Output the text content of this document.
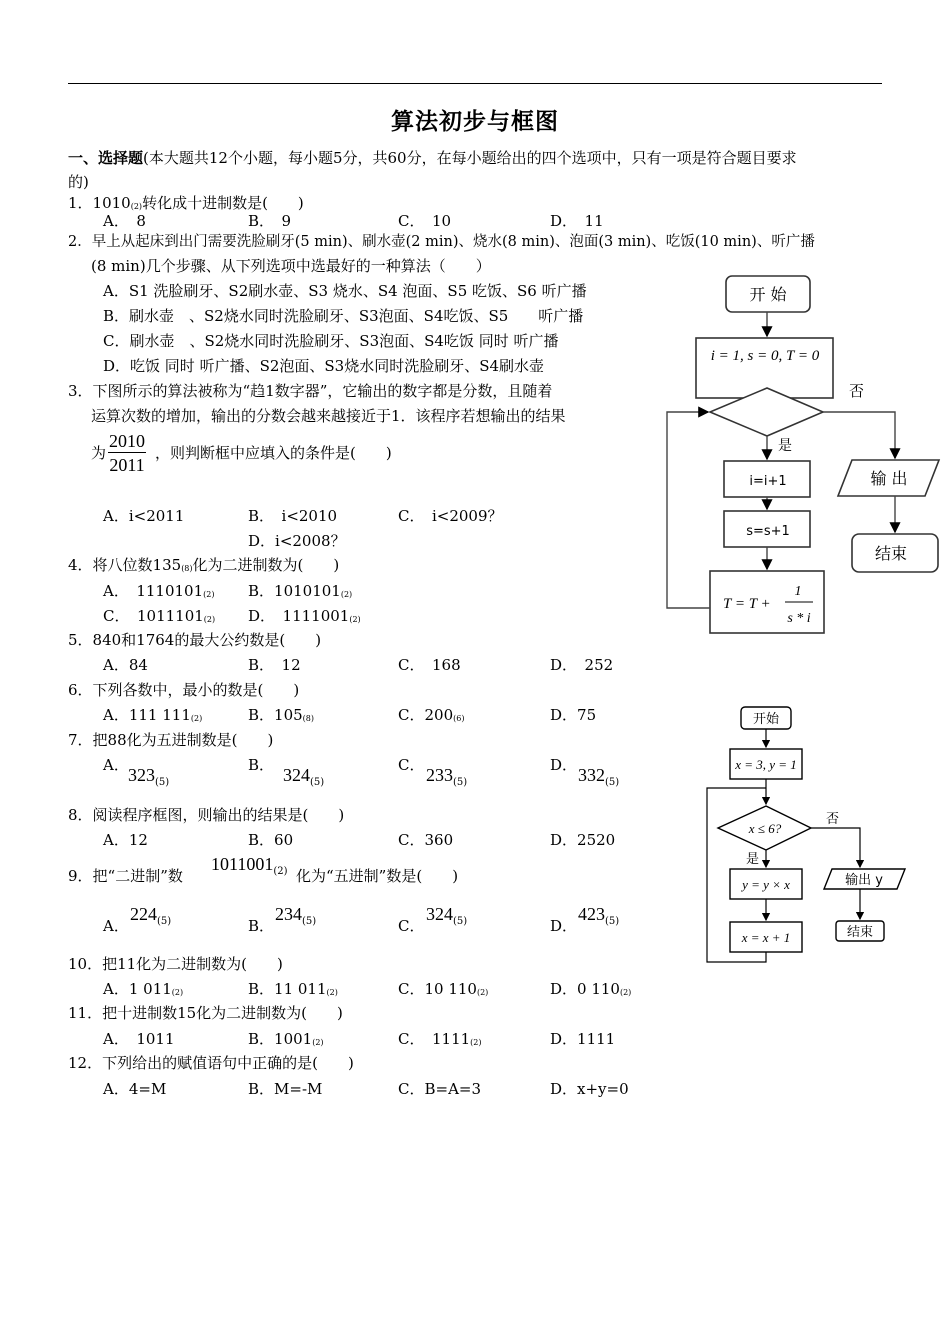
算法初步与框图
一、选择题(本大题共12个小题，每小题5分，共60分，在每小题给出的四个选项中，只有一项是符合题目要求
的)
1．1010(2)转化成十进制数是(　　)
A．　8	B．　9	C．　10	D．　11
2．早上从起床到出门需要洗脸刷牙(5 min)、刷水壶(2 min)、烧水(8 min)、泡面(3 min)、吃饭(10 min)、听广播
(8 min)几个步骤、从下列选项中选最好的一种算法（　　）
A．S1 洗脸刷牙、S2刷水壶、S3 烧水、S4 泡面、S5 吃饭、S6 听广播
B．刷水壶　、S2烧水同时洗脸刷牙、S3泡面、S4吃饭、S5　　听广播
C．刷水壶　、S2烧水同时洗脸刷牙、S3泡面、S4吃饭 同时 听广播
D．吃饭 同时 听广播、S2泡面、S3烧水同时洗脸刷牙、S4刷水壶
3．下图所示的算法被称为“趋1数字器”，它输出的数字都是分数，且随着
运算次数的增加，输出的分数会越来越接近于1．该程序若想输出的结果
为 $\frac{2010}{2011}$ ，则判断框中应填入的条件是(　　)
A．i<2011	B．　i<2010	C．　i<2009？
D．i<2008？
4．将八位数135(8)化为二进制数为(　　)
A．　1110101(2) B．1010101(2)
C．　1011101(2) D．　1111001(2)
5．840和1764的最大公约数是(　　)
A．84	B．　12	C．　168	D．　252
6．下列各数中，最小的数是(　　)
A．111 111(2)	B．105(8)	C．200(6)	D．75
7．把88化为五进制数是(　　)
A． $323_{(5)}$
B． $324_{(5)}$
C． $233_{(5)}$
D． $332_{(5)}$
8．阅读程序框图，则输出的结果是(　　)
A．12	B．60	C．360	D．2520
9．把“二进制”数
$1011001_{(2)}$ 化为“五进制”数是(　　)
A．
$224_{(5)}$	B．
$234_{(5)}$	C．
$324_{(5)}$	D．
$423_{(5)}$
10．把11化为二进制数为(　　)
A．1 011(2)	B．11 011(2)	C．10 110(2)	D．0 110(2)
11．把十进制数15化为二进制数为(　　)
A．　1011	B．1001(2)	C．　1111(2)	D．1111
12．下列给出的赋值语句中正确的是(　　)
A．4=M	B．M=-M	C．B=A=3	D．x+y=0
开 始
i = 1, s = 0, T = 0
否
是
i=i+1
s=s+1
输 出
结束
T = T +
1
s * i
开始
x = 3, y = 1
x ≤ 6?
否
是
y = y × x
x = x + 1
输出 y
结束
